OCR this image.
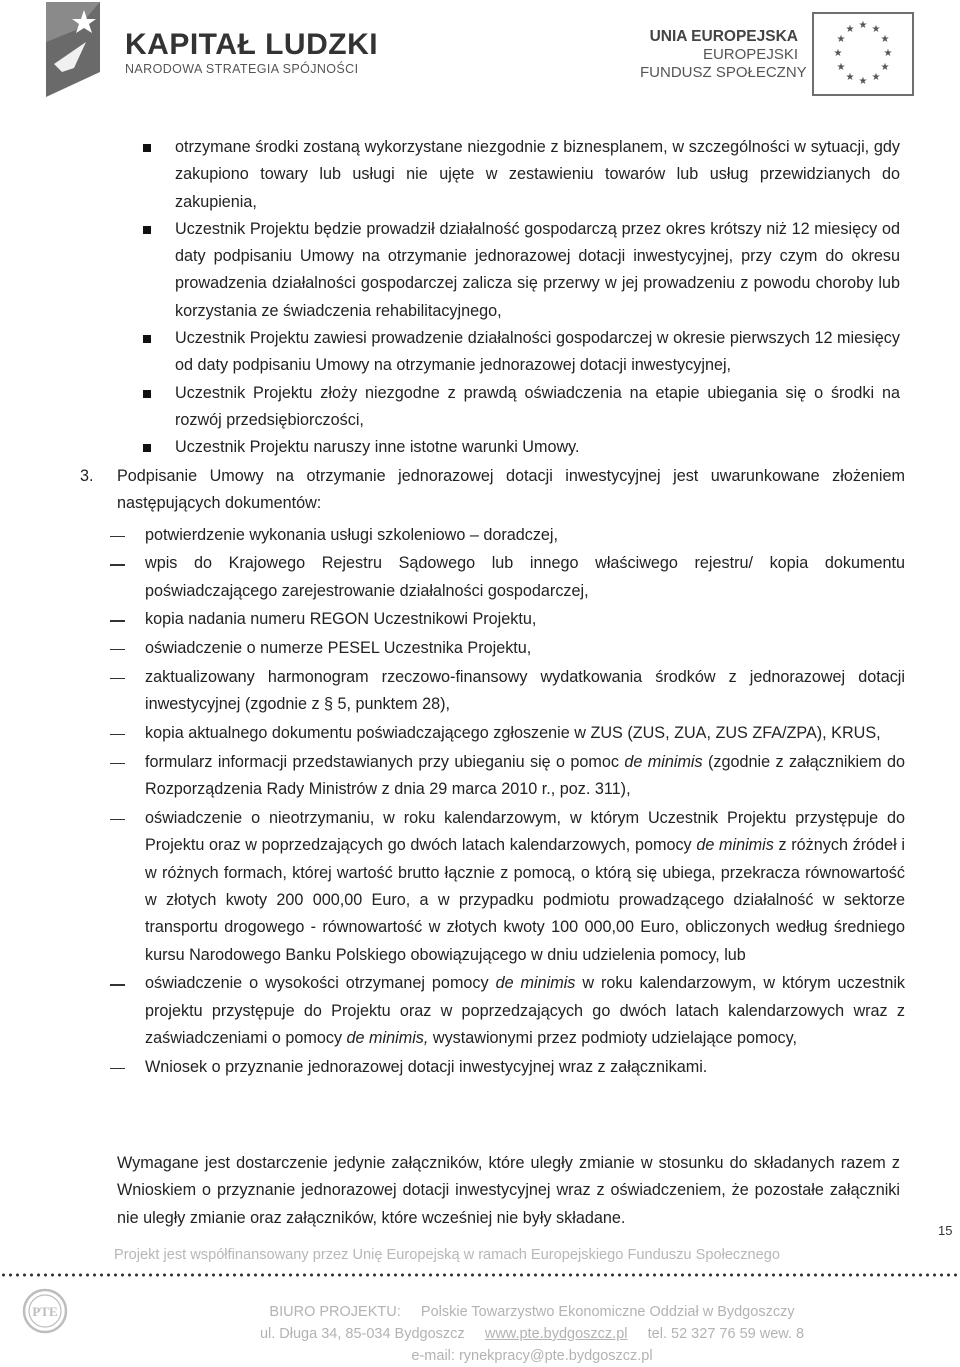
KAPITAŁ LUDZKI
NARODOWA STRATEGIA SPÓJNOŚCI
UNIA EUROPEJSKA
EUROPEJSKI
FUNDUSZ SPOŁECZNY
★ ★
★
★
★
★
★
★
★
★
★
★
otrzymane środki zostaną wykorzystane niezgodnie z biznesplanem, w szczególności w sytuacji, gdy zakupiono towary lub usługi nie ujęte w zestawieniu towarów lub usług przewidzianych do zakupienia,
Uczestnik Projektu będzie prowadził działalność gospodarczą przez okres krótszy niż 12 miesięcy od daty podpisaniu Umowy na otrzymanie jednorazowej dotacji inwestycyjnej, przy czym do okresu prowadzenia działalności gospodarczej zalicza się przerwy w jej prowadzeniu z powodu choroby lub korzystania ze świadczenia rehabilitacyjnego,
Uczestnik Projektu zawiesi prowadzenie działalności gospodarczej w okresie pierwszych 12 miesięcy od daty podpisaniu Umowy na otrzymanie jednorazowej dotacji inwestycyjnej,
Uczestnik Projektu złoży niezgodne z prawdą oświadczenia na etapie ubiegania się o środki na rozwój przedsiębiorczości,
Uczestnik Projektu naruszy inne istotne warunki Umowy.
3.	Podpisanie Umowy na otrzymanie jednorazowej dotacji inwestycyjnej jest uwarunkowane złożeniem następujących dokumentów:
potwierdzenie wykonania usługi szkoleniowo – doradczej,
wpis do Krajowego Rejestru Sądowego lub innego właściwego rejestru/ kopia dokumentu poświadczającego zarejestrowanie działalności gospodarczej,
kopia nadania numeru REGON Uczestnikowi Projektu,
oświadczenie o numerze PESEL Uczestnika Projektu,
zaktualizowany harmonogram rzeczowo-finansowy wydatkowania środków z jednorazowej dotacji inwestycyjnej (zgodnie z § 5, punktem 28),
kopia aktualnego dokumentu poświadczającego zgłoszenie w ZUS (ZUS, ZUA, ZUS ZFA/ZPA), KRUS,
formularz informacji przedstawianych przy ubieganiu się o pomoc de minimis (zgodnie z załącznikiem do Rozporządzenia Rady Ministrów z dnia 29 marca 2010 r., poz. 311),
oświadczenie o nieotrzymaniu, w roku kalendarzowym, w którym Uczestnik Projektu przystępuje do Projektu oraz w poprzedzających go dwóch latach kalendarzowych, pomocy de minimis z różnych źródeł i w różnych formach, której wartość brutto łącznie z pomocą, o którą się ubiega, przekracza równowartość w złotych kwoty 200 000,00 Euro, a w przypadku podmiotu prowadzącego działalność w sektorze transportu drogowego - równowartość w złotych kwoty 100 000,00 Euro, obliczonych według średniego kursu Narodowego Banku Polskiego obowiązującego w dniu udzielenia pomocy, lub
oświadczenie o wysokości otrzymanej pomocy de minimis w roku kalendarzowym, w którym uczestnik projektu przystępuje do Projektu oraz w poprzedzających go dwóch latach kalendarzowych wraz z zaświadczeniami o pomocy de minimis, wystawionymi przez podmioty udzielające pomocy,
Wniosek o przyznanie jednorazowej dotacji inwestycyjnej wraz z załącznikami.
Wymagane jest dostarczenie jedynie załączników, które uległy zmianie w stosunku do składanych razem z Wnioskiem o przyznanie jednorazowej dotacji inwestycyjnej wraz z oświadczeniem, że pozostałe załączniki nie uległy zmianie oraz załączników, które wcześniej nie były składane.
15
Projekt jest współfinansowany przez Unię Europejską w ramach Europejskiego Funduszu Społecznego
PTE	BIURO PROJEKTU: Polskie Towarzystwo Ekonomiczne Oddział w Bydgoszczy
ul. Długa 34, 85-034 Bydgoszcz www.pte.bydgoszcz.pl tel. 52 327 76 59 wew. 8
e-mail: rynekpracy@pte.bydgoszcz.pl
